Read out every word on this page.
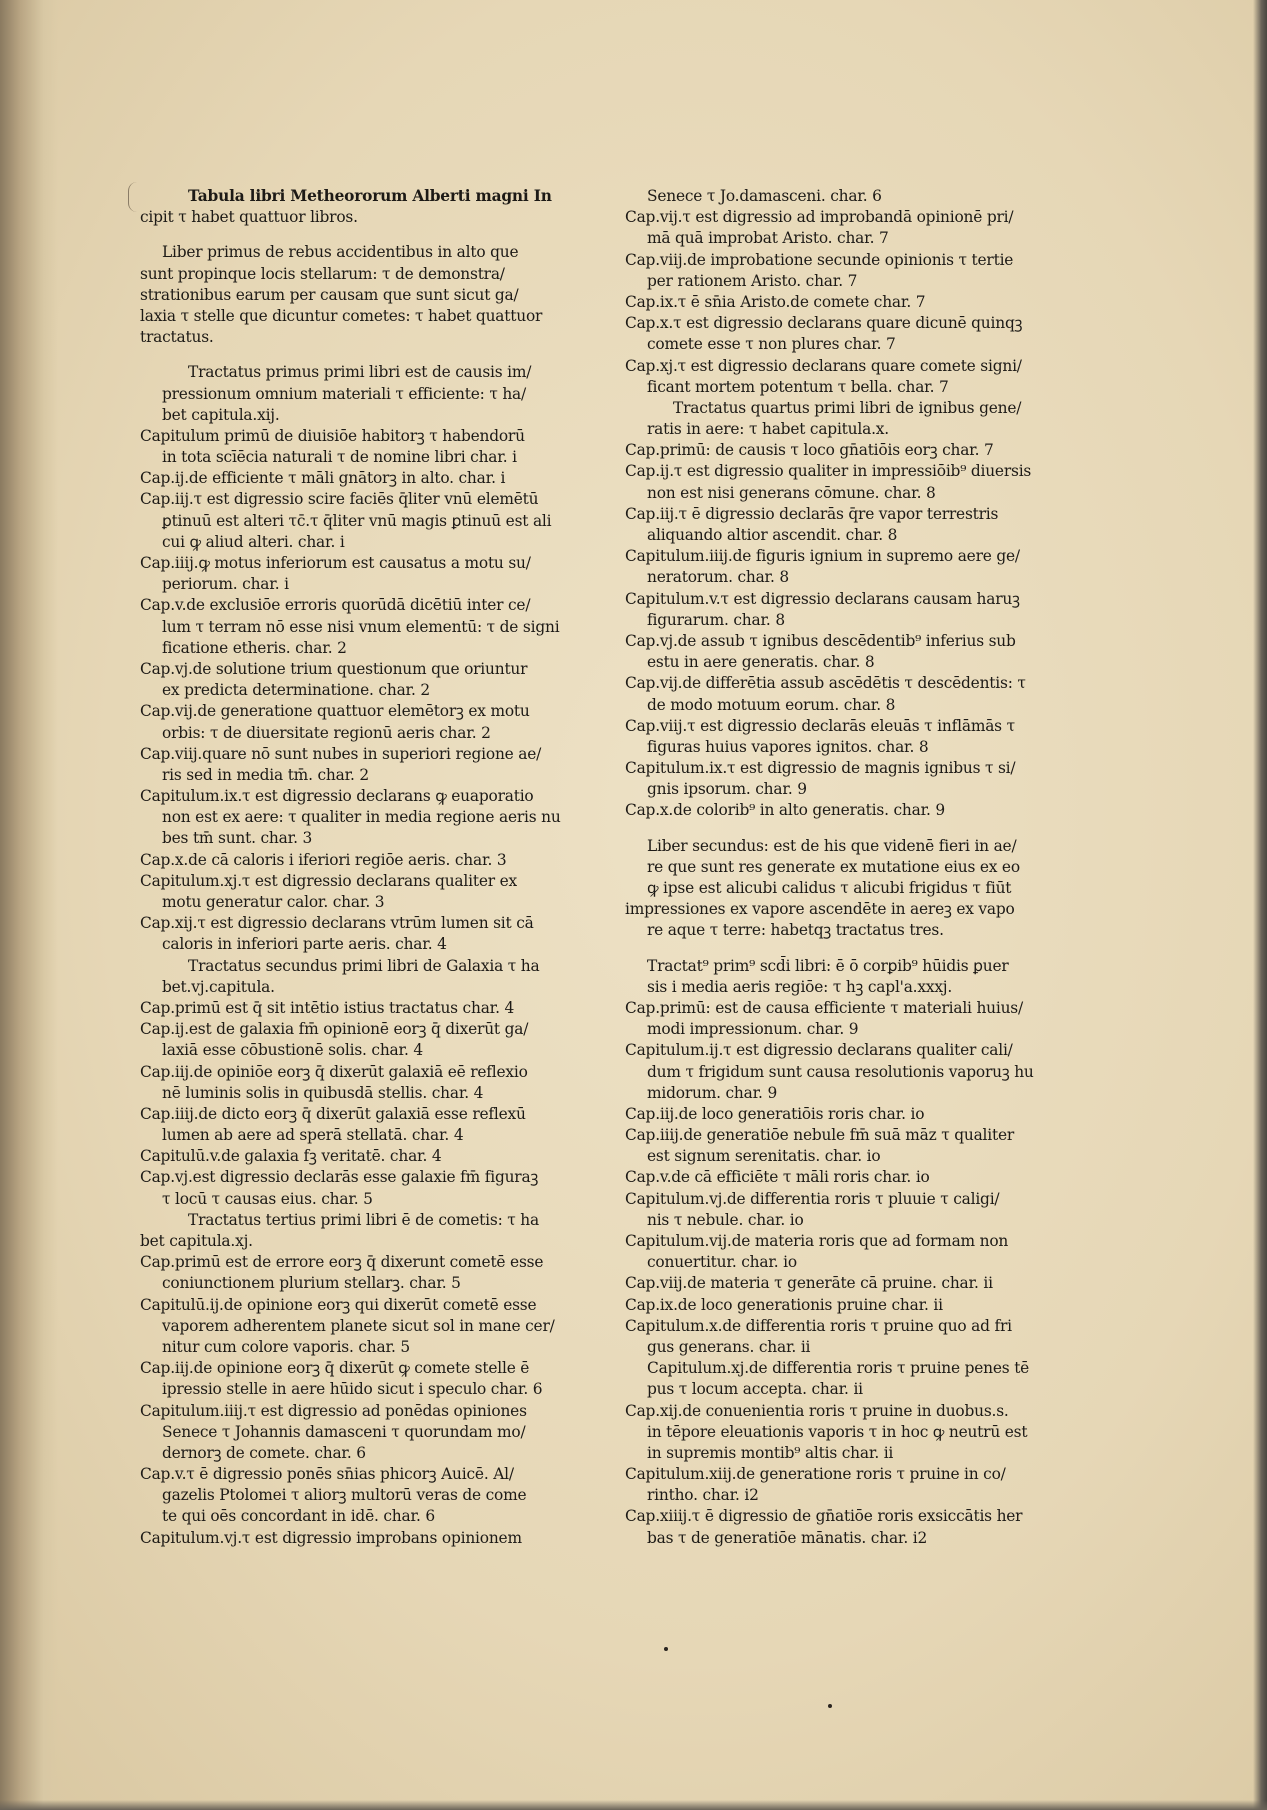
Tabula libri Metheororum Alberti magni In
cipit τ habet quattuor libros.
Liber primus de rebus accidentibus in alto que
sunt propinque locis stellarum: τ de demonstra/
strationibus earum per causam que sunt sicut ga/
laxia τ stelle que dicuntur cometes: τ habet quattuor
tractatus.
Tractatus primus primi libri est de causis im/
pressionum omnium materiali τ efficiente: τ ha/
bet capitula.xij.
Capitulum primū de diuisiōe habitorꝫ τ habendorū
in tota scīēcia naturali τ de nomine libri char. i
Cap.ij.de efficiente τ māli gnātorꝫ in alto. char. i
Cap.iij.τ est digressio scire faciēs q̄liter vnū elemētū
ꝑtinuū est alteri τc̄.τ q̄liter vnū magis ꝑtinuū est ali
cui ꝙ aliud alteri. char. i
Cap.iiij.ꝙ motus inferiorum est causatus a motu su/
periorum. char. i
Cap.v.de exclusiōe erroris quorūdā dicētiū inter ce/
lum τ terram nō esse nisi vnum elementū: τ de signi
ficatione etheris. char. 2
Cap.vj.de solutione trium questionum que oriuntur
ex predicta determinatione. char. 2
Cap.vij.de generatione quattuor elemētorꝫ ex motu
orbis: τ de diuersitate regionū aeris char. 2
Cap.viij.quare nō sunt nubes in superiori regione ae/
ris sed in media tm̄. char. 2
Capitulum.ix.τ est digressio declarans ꝙ euaporatio
non est ex aere: τ qualiter in media regione aeris nu
bes tm̄ sunt. char. 3
Cap.x.de cā caloris i iferiori regiōe aeris. char. 3
Capitulum.xj.τ est digressio declarans qualiter ex
motu generatur calor. char. 3
Cap.xij.τ est digressio declarans vtrūm lumen sit cā
caloris in inferiori parte aeris. char. 4
Tractatus secundus primi libri de Galaxia τ ha
bet.vj.capitula.
Cap.primū est q̄ sit intētio istius tractatus char. 4
Cap.ij.est de galaxia fm̄ opinionē eorꝫ q̄ dixerūt ga/
laxiā esse cōbustionē solis. char. 4
Cap.iij.de opiniōe eorꝫ q̄ dixerūt galaxiā eē reflexio
nē luminis solis in quibusdā stellis. char. 4
Cap.iiij.de dicto eorꝫ q̄ dixerūt galaxiā esse reflexū
lumen ab aere ad sperā stellatā. char. 4
Capitulū.v.de galaxia fꝫ veritatē. char. 4
Cap.vj.est digressio declarās esse galaxie fm̄ figuraꝫ
τ locū τ causas eius. char. 5
Tractatus tertius primi libri ē de cometis: τ ha
bet capitula.xj.
Cap.primū est de errore eorꝫ q̄ dixerunt cometē esse
coniunctionem plurium stellarꝫ. char. 5
Capitulū.ij.de opinione eorꝫ qui dixerūt cometē esse
vaporem adherentem planete sicut sol in mane cer/
nitur cum colore vaporis. char. 5
Cap.iij.de opinione eorꝫ q̄ dixerūt ꝙ comete stelle ē
ipressio stelle in aere hūido sicut i speculo char. 6
Capitulum.iiij.τ est digressio ad ponēdas opiniones
Senece τ Johannis damasceni τ quorundam mo/
dernorꝫ de comete. char. 6
Cap.v.τ ē digressio ponēs sn̄ias phicorꝫ Auicē. Al/
gazelis Ptolomei τ aliorꝫ multorū veras de come
te qui oēs concordant in idē. char. 6
Capitulum.vj.τ est digressio improbans opinionem
Senece τ Jo.damasceni. char. 6
Cap.vij.τ est digressio ad improbandā opinionē pri/
mā quā improbat Aristo. char. 7
Cap.viij.de improbatione secunde opinionis τ tertie
per rationem Aristo. char. 7
Cap.ix.τ ē sn̄ia Aristo.de comete char. 7
Cap.x.τ est digressio declarans quare dicunē quinqꝫ
comete esse τ non plures char. 7
Cap.xj.τ est digressio declarans quare comete signi/
ficant mortem potentum τ bella. char. 7
Tractatus quartus primi libri de ignibus gene/
ratis in aere: τ habet capitula.x.
Cap.primū: de causis τ loco gn̄atiōis eorꝫ char. 7
Cap.ij.τ est digressio qualiter in impressiōib⁹ diuersis
non est nisi generans cōmune. char. 8
Cap.iij.τ ē digressio declarās q̄re vapor terrestris
aliquando altior ascendit. char. 8
Capitulum.iiij.de figuris ignium in supremo aere ge/
neratorum. char. 8
Capitulum.v.τ est digressio declarans causam haruꝫ
figurarum. char. 8
Cap.vj.de assub τ ignibus descēdentib⁹ inferius sub
estu in aere generatis. char. 8
Cap.vij.de differētia assub ascēdētis τ descēdentis: τ
de modo motuum eorum. char. 8
Cap.viij.τ est digressio declarās eleuās τ inflāmās τ
figuras huius vapores ignitos. char. 8
Capitulum.ix.τ est digressio de magnis ignibus τ si/
gnis ipsorum. char. 9
Cap.x.de colorib⁹ in alto generatis. char. 9
Liber secundus: est de his que videnē fieri in ae/
re que sunt res generate ex mutatione eius ex eo
ꝙ ipse est alicubi calidus τ alicubi frigidus τ fiūt
impressiones ex vapore ascendēte in aereꝫ ex vapo
re aque τ terre: habetqꝫ tractatus tres.
Tractat⁹ prim⁹ scd̄i libri: ē ō corꝑib⁹ hūidis ꝑuer
sis i media aeris regiōe: τ hꝫ capl'a.xxxj.
Cap.primū: est de causa efficiente τ materiali huius/
modi impressionum. char. 9
Capitulum.ij.τ est digressio declarans qualiter cali/
dum τ frigidum sunt causa resolutionis vaporuꝫ hu
midorum. char. 9
Cap.iij.de loco generatiōis roris char. io
Cap.iiij.de generatiōe nebule fm̄ suā māz τ qualiter
est signum serenitatis. char. io
Cap.v.de cā efficiēte τ māli roris char. io
Capitulum.vj.de differentia roris τ pluuie τ caligi/
nis τ nebule. char. io
Capitulum.vij.de materia roris que ad formam non
conuertitur. char. io
Cap.viij.de materia τ generāte cā pruine. char. ii
Cap.ix.de loco generationis pruine char. ii
Capitulum.x.de differentia roris τ pruine quo ad fri
gus generans. char. ii
Capitulum.xj.de differentia roris τ pruine penes tē
pus τ locum accepta. char. ii
Cap.xij.de conuenientia roris τ pruine in duobus.s.
in tēpore eleuationis vaporis τ in hoc ꝙ neutrū est
in supremis montib⁹ altis char. ii
Capitulum.xiij.de generatione roris τ pruine in co/
rintho. char. i2
Cap.xiiij.τ ē digressio de gn̄atiōe roris exsiccātis her
bas τ de generatiōe mānatis. char. i2
